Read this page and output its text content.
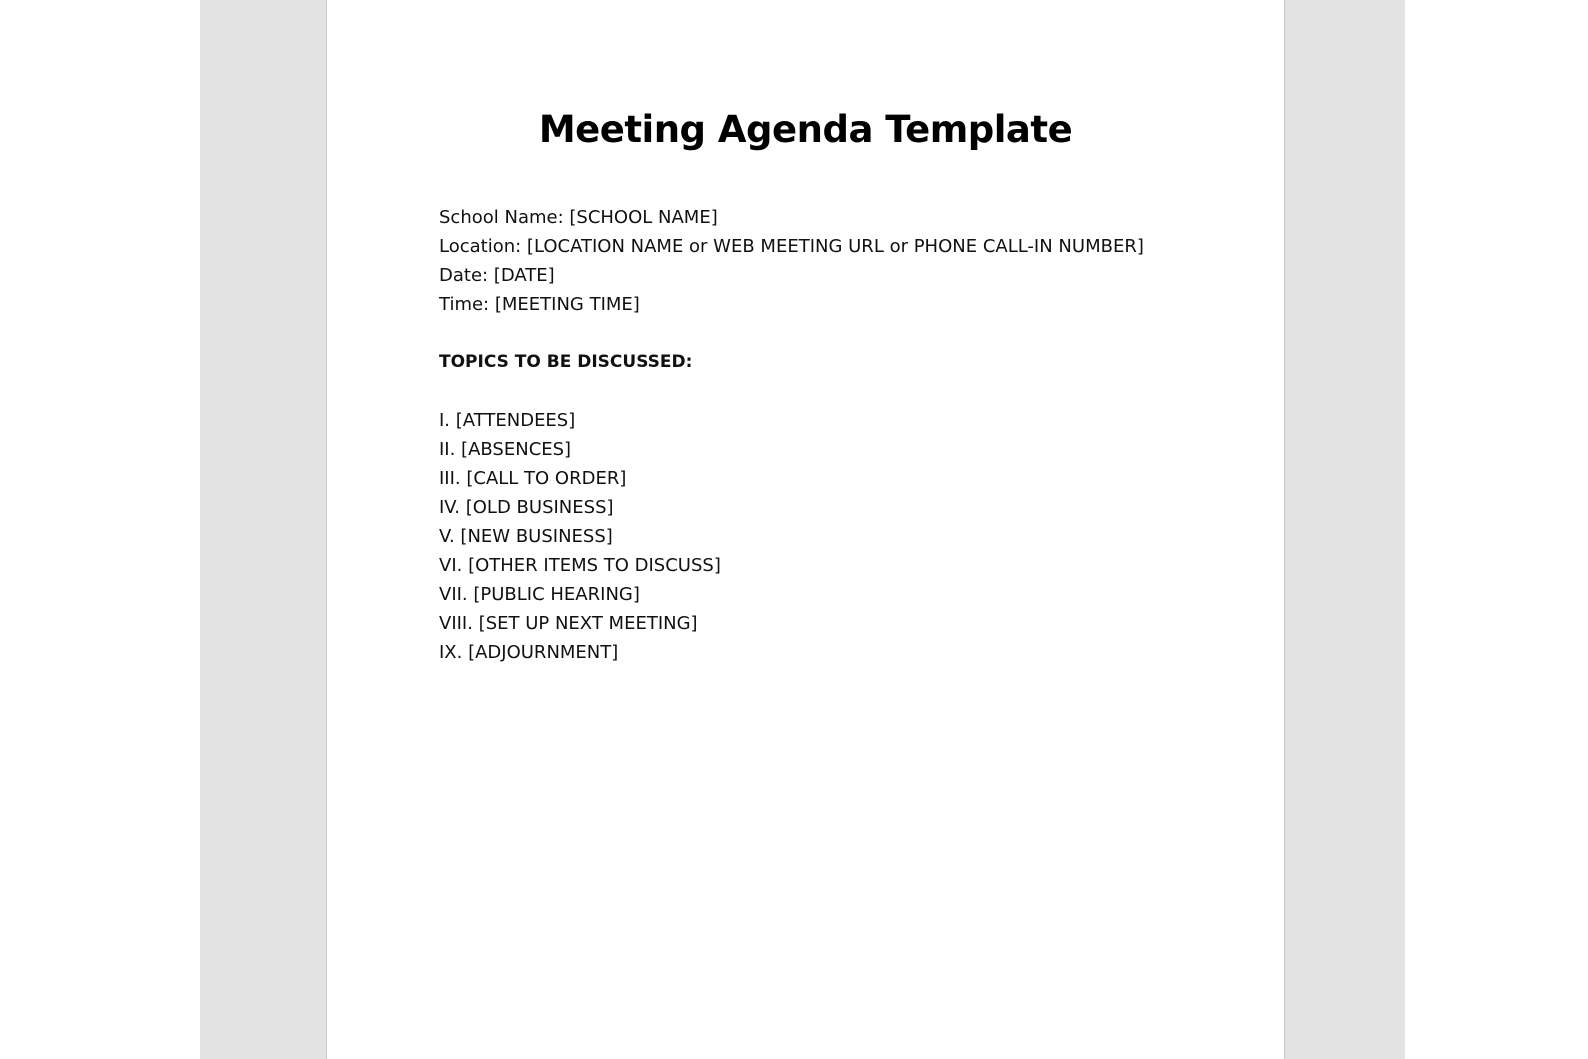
Meeting Agenda Template
School Name: [SCHOOL NAME]
Location: [LOCATION NAME or WEB MEETING URL or PHONE CALL-IN NUMBER]
Date: [DATE]
Time: [MEETING TIME]
TOPICS TO BE DISCUSSED:
I. [ATTENDEES]
II. [ABSENCES]
III. [CALL TO ORDER]
IV. [OLD BUSINESS]
V. [NEW BUSINESS]
VI. [OTHER ITEMS TO DISCUSS]
VII. [PUBLIC HEARING]
VIII. [SET UP NEXT MEETING]
IX. [ADJOURNMENT]
